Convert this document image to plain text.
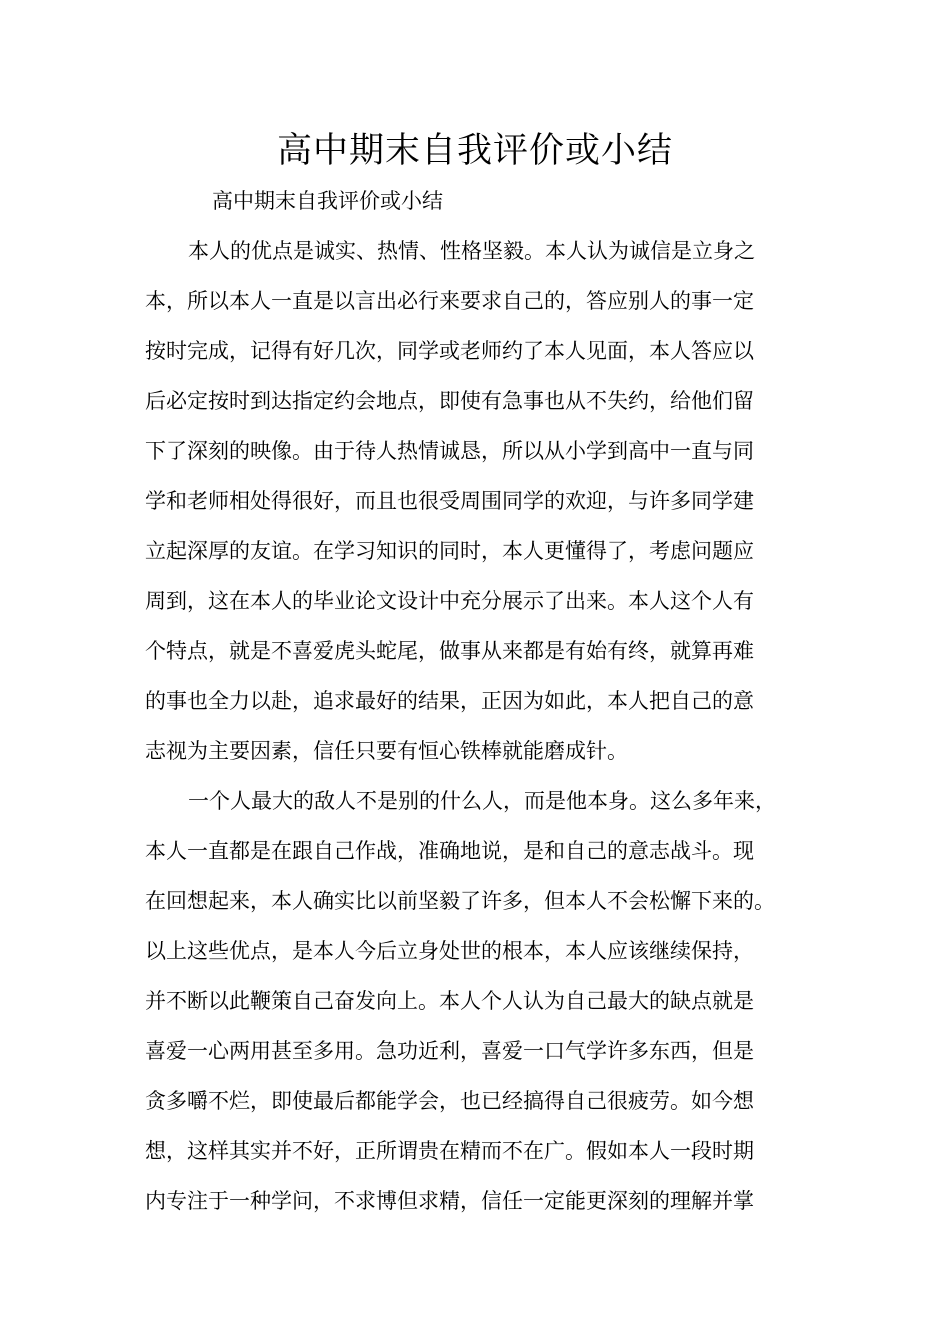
高中期末自我评价或小结
高中期末自我评价或小结
本人的优点是诚实、热情、性格坚毅。本人认为诚信是立身之
本，所以本人一直是以言出必行来要求自己的，答应别人的事一定
按时完成，记得有好几次，同学或老师约了本人见面，本人答应以
后必定按时到达指定约会地点，即使有急事也从不失约，给他们留
下了深刻的映像。由于待人热情诚恳，所以从小学到高中一直与同
学和老师相处得很好，而且也很受周围同学的欢迎，与许多同学建
立起深厚的友谊。在学习知识的同时，本人更懂得了，考虑问题应
周到，这在本人的毕业论文设计中充分展示了出来。本人这个人有
个特点，就是不喜爱虎头蛇尾，做事从来都是有始有终，就算再难
的事也全力以赴，追求最好的结果，正因为如此，本人把自己的意
志视为主要因素，信任只要有恒心铁棒就能磨成针。
一个人最大的敌人不是别的什么人，而是他本身。这么多年来，
本人一直都是在跟自己作战，准确地说，是和自己的意志战斗。现
在回想起来，本人确实比以前坚毅了许多，但本人不会松懈下来的。
以上这些优点，是本人今后立身处世的根本，本人应该继续保持，
并不断以此鞭策自己奋发向上。本人个人认为自己最大的缺点就是
喜爱一心两用甚至多用。急功近利，喜爱一口气学许多东西，但是
贪多嚼不烂，即使最后都能学会，也已经搞得自己很疲劳。如今想
想，这样其实并不好，正所谓贵在精而不在广。假如本人一段时期
内专注于一种学问，不求博但求精，信任一定能更深刻的理解并掌
